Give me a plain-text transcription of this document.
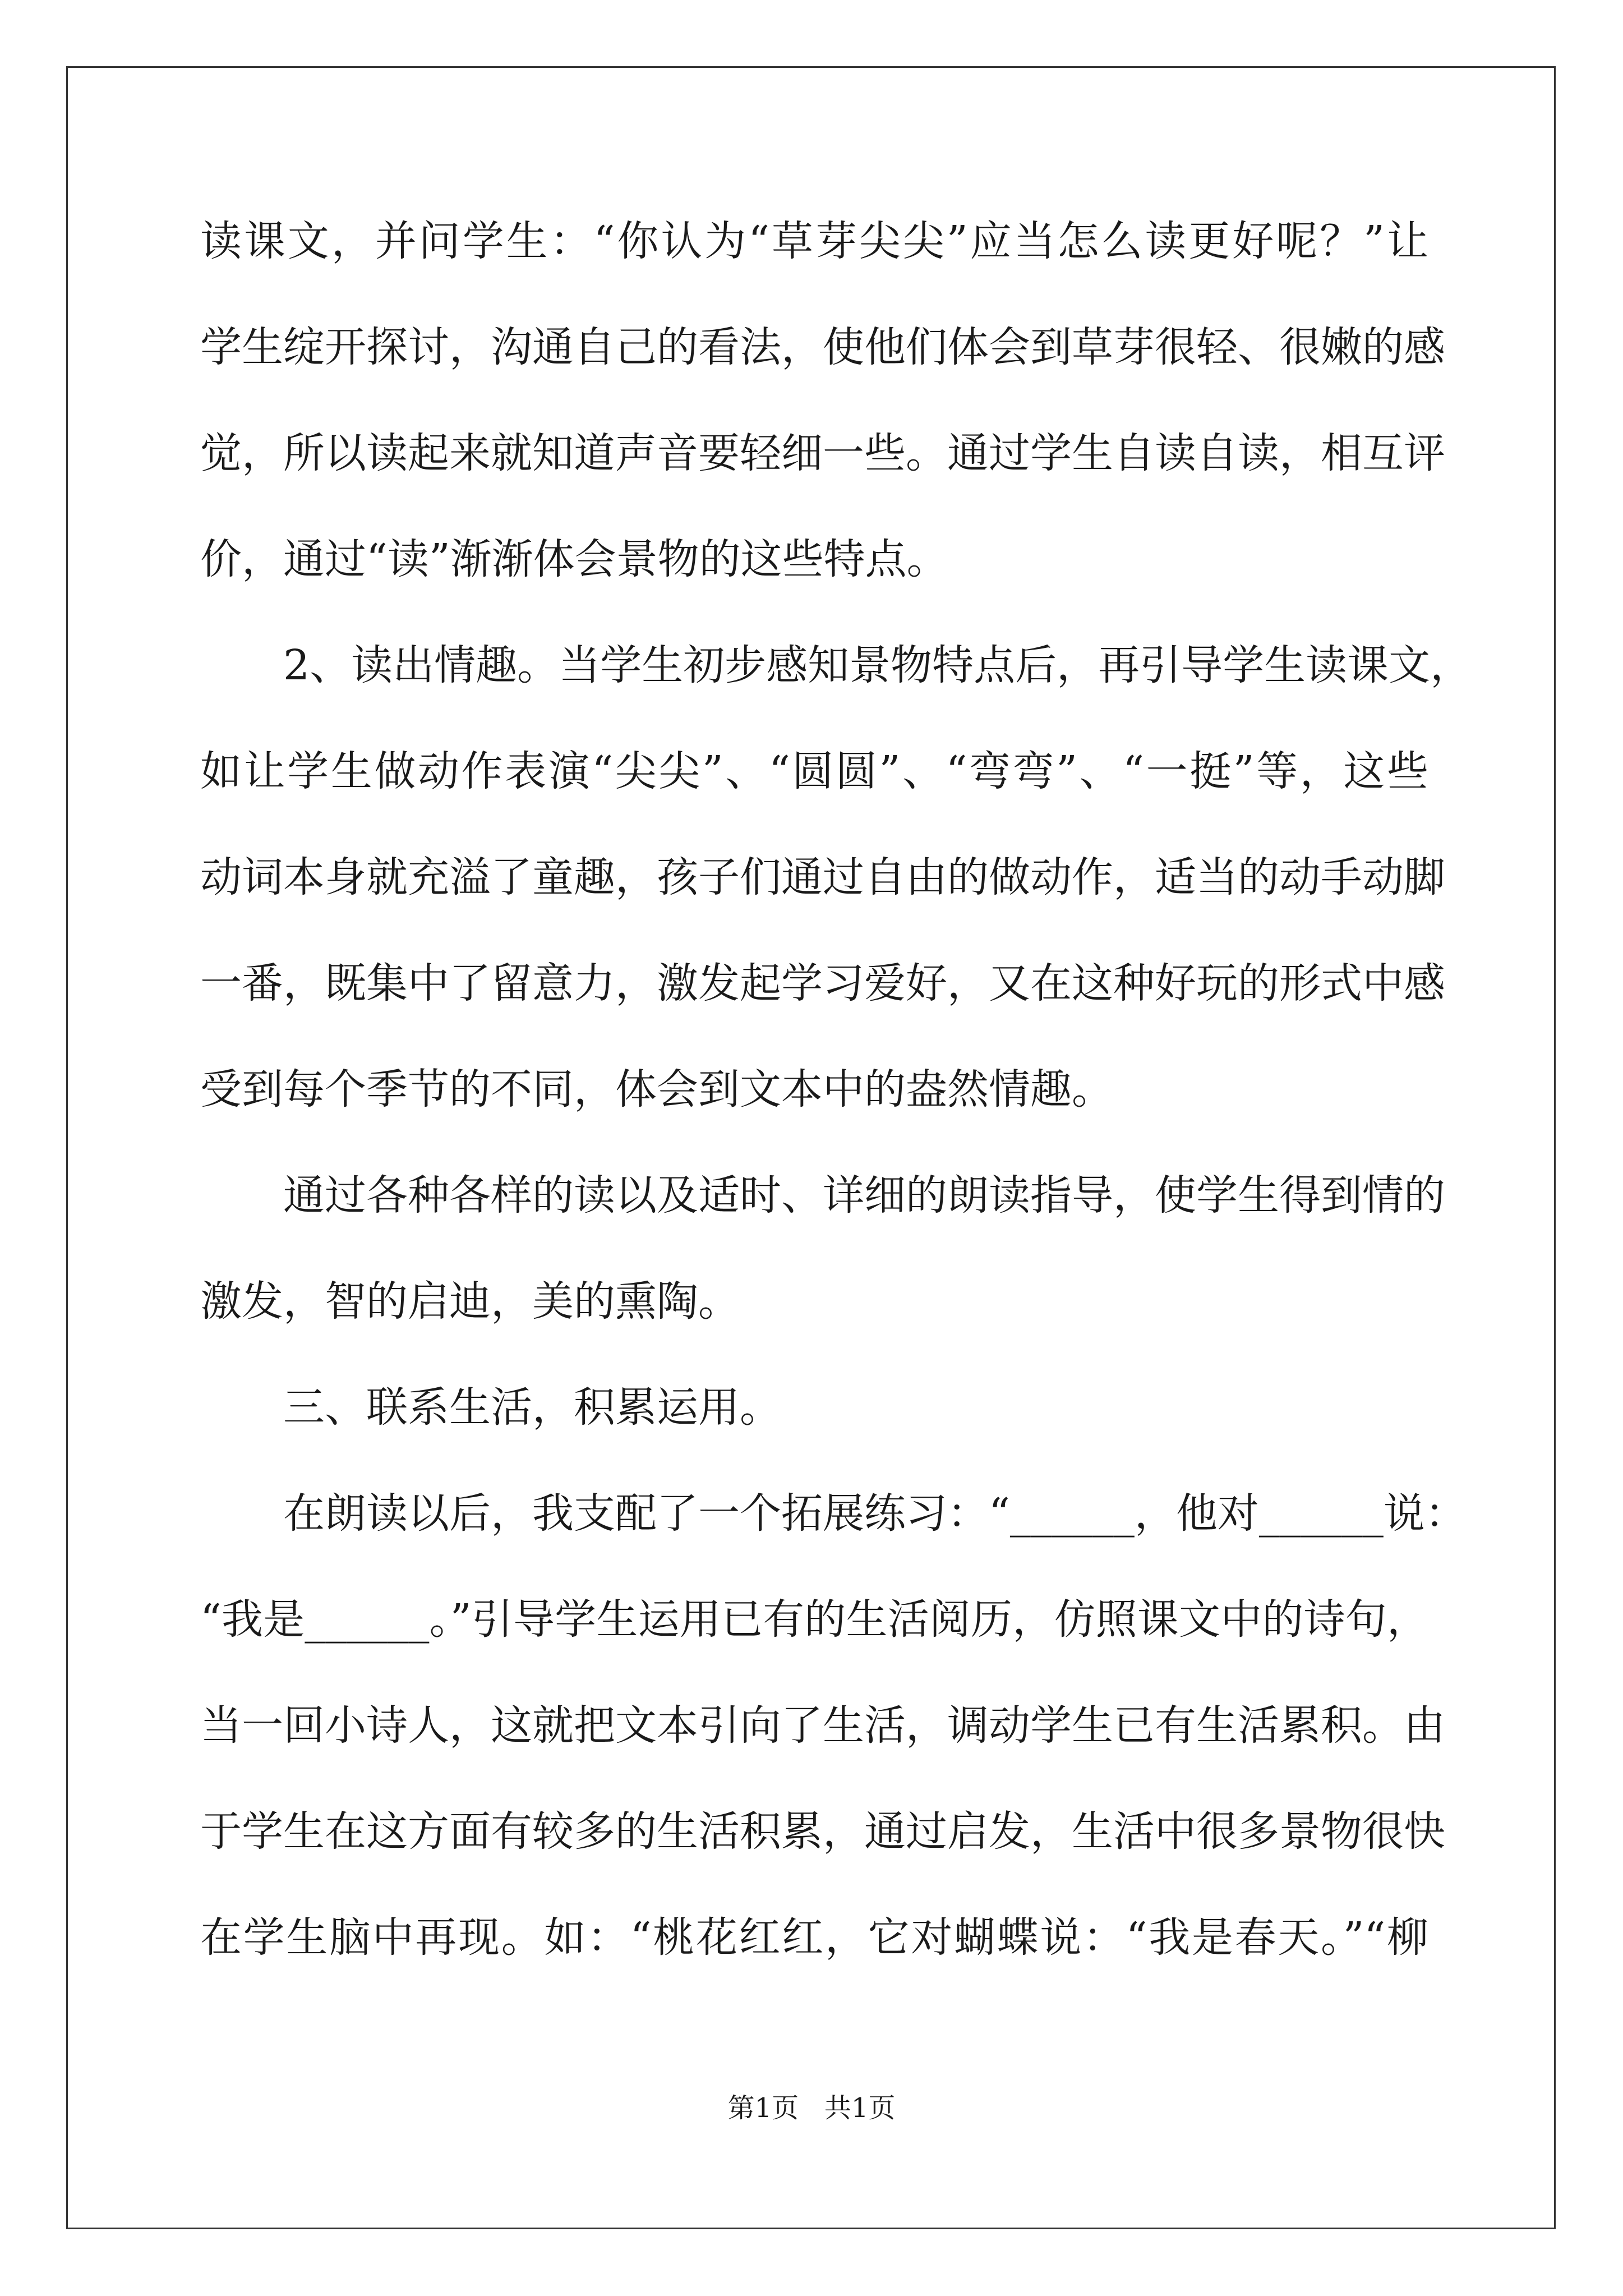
读课文，并问学生：“你认为“草芽尖尖”应当怎么读更好呢？”让
学生绽开探讨，沟通自己的看法，使他们体会到草芽很轻、很嫩的感
觉，所以读起来就知道声音要轻细一些。通过学生自读自读，相互评
价，通过“读”渐渐体会景物的这些特点。
2、读出情趣。当学生初步感知景物特点后，再引导学生读课文，
如让学生做动作表演“尖尖”、“圆圆”、“弯弯”、“一挺”等，这些
动词本身就充溢了童趣，孩子们通过自由的做动作，适当的动手动脚
一番，既集中了留意力，激发起学习爱好，又在这种好玩的形式中感
受到每个季节的不同，体会到文本中的盎然情趣。
通过各种各样的读以及适时、详细的朗读指导，使学生得到情的
激发，智的启迪，美的熏陶。
三、联系生活，积累运用。
在朗读以后，我支配了一个拓展练习：“______，他对______说：
“我是______。”引导学生运用已有的生活阅历，仿照课文中的诗句，
当一回小诗人，这就把文本引向了生活，调动学生已有生活累积。由
于学生在这方面有较多的生活积累，通过启发，生活中很多景物很快
在学生脑中再现。如：“桃花红红，它对蝴蝶说：“我是春天。”“柳
第1页   共1页
